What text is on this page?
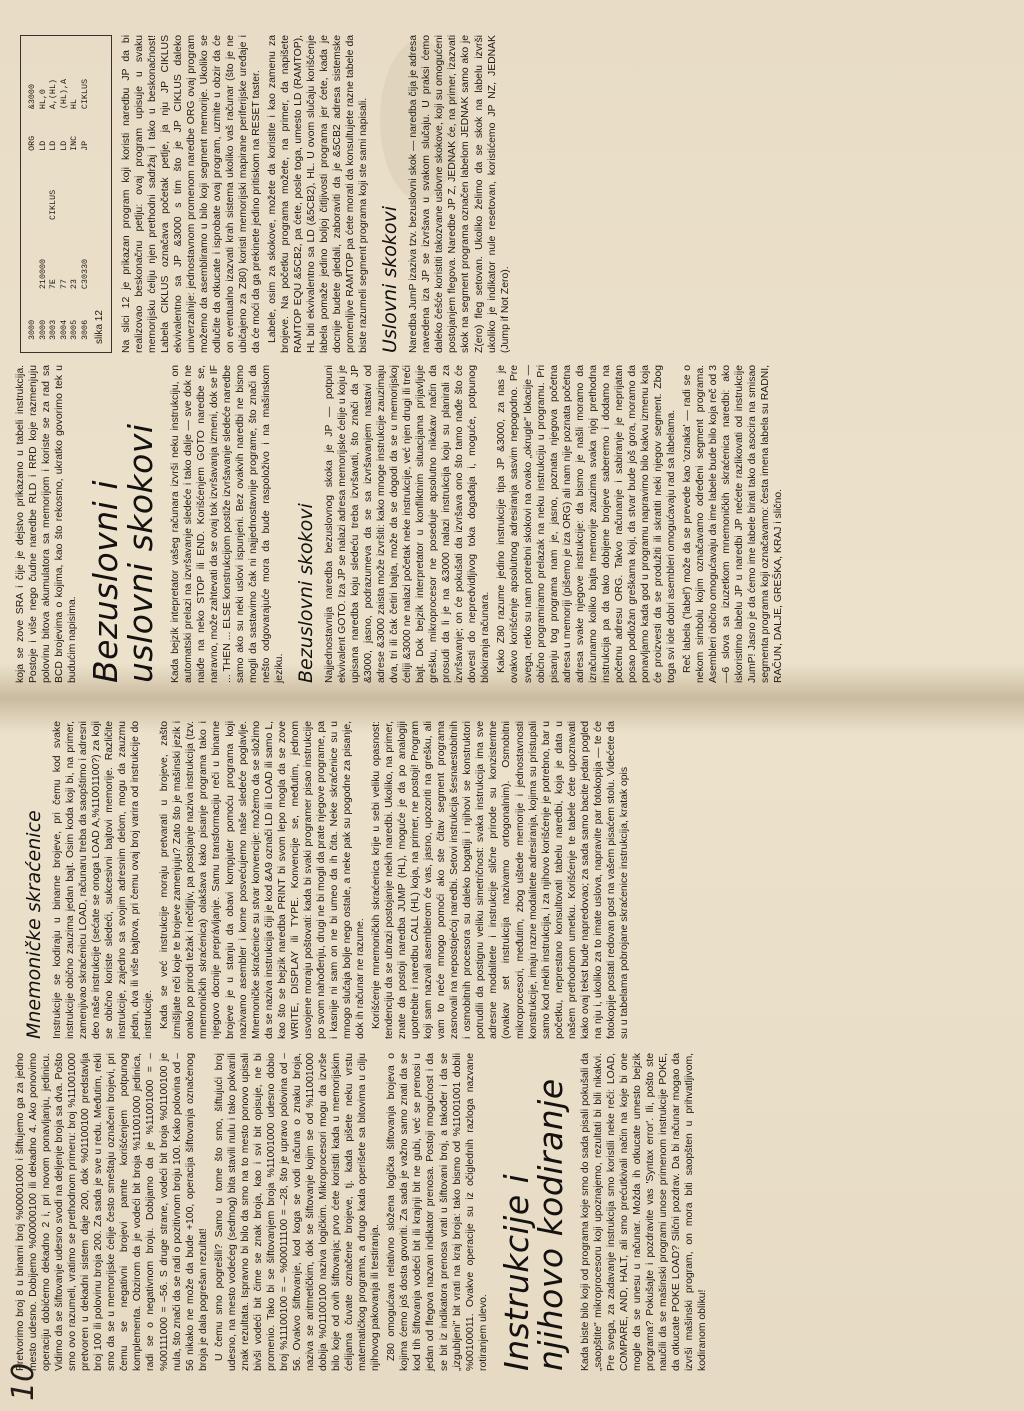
10

Pretvorimo broj 8 u binarni broj %00001000 i šiftujemo ga za jedno mesto udesno. Dobijemo %00000100 ili dekadno 4. Ako ponovimo operaciju dobićemo dekadno 2 i, pri novom ponavljanju, jedinicu. Vidimo da se šiftovanje udesno svodi na deljenje broja sa dva. Pošto smo ovo razumeli, vratimo se prethodnom primeru: broj %11001000 pretvoren u dekadni sistem daje 200, dok %01100100 predstavlja broj 100 ili polovinu broja 200. Za sada je sve u redu. Međutim, rekli smo da se u memorijske ćelije često smeštaju označeni brojevi, pri čemu se negativni brojevi pamte korišćenjem potpunog komplementa. Obzirom da je vodeći bit broja %11001000 jedinica, radi se o negativnom broju. Dobijamo da je %11001000 = – %00111000 = –56. S druge strane, vodeći bit broja %01100100 je nula, što znači da se radi o pozitivnom broju 100. Kako polovina od –56 nikako ne može da bude +100, operacija šiftovanja označenog broja je dala pogrešan rezultat! U čemu smo pogrešili? Samo u tome što smo, šiftujući broj udesno, na mesto vodećeg (sedmog) bita stavili nulu i tako pokvarili znak rezultata. Ispravno bi bilo da smo na to mesto ponovo upisali bivši vodeći bit čime se znak broja, kao i svi bit opisuje, ne bi promenio. Tako bi se šiftovanjem broja %11001000 udesno dobio broj %11100100 = – %00011100 = –28, što je upravo polovina od –56. Ovakvo šiftovanje, kod koga se vodi računa o znaku broja, naziva se aritmetičkim, dok se šiftovanje kojim se od %11001000 dobija %01100100 naziva logičkim. Mikroprocesori mogu da izvrše bilo koje od ovih šiftovanja; prvo ćete koristiti kada u memorijskim ćelijama čuvate označene brojeve, tj. kada pišete neku vrstu matematičkog programa, a drugo kada operišete sa bitovima u cilju njihovog pakovanja ili testiranja. Z80 omogućava relativno složena logička šiftovanja brojeva o kojima ćemo još dosta govoriti. Za sada je važno samo znati da se kod tih šiftovanja vodeći bit ili krajnji bit ne gubi, već se prenosi u jedan od flegova nazvan indikator prenosa. Postoji mogućnost i da se bit iz indikatora prenosa vrati u šiftovani broj, a također i da se „izgubljeni" bit vrati na kraj broja: tako bismo od %11001001 dobili %00100011. Ovakve operacije su iz očiglednih razloga nazvane rotiranjem ulevo. Instrukcije i njihovo kodiranje Kada biste bilo koji od programa koje smo do sada pisali pokušali da „saopštite" mikroprocesoru koji upoznajemo, rezultati bi bili nikakvi. Pre svega, za zadavanje instrukcija smo koristili neke reči: LOAD, COMPARE, AND, HALT, ali smo prećutkivali način na koje bi one mogle da se unesu u računar. Možda ih otkucate umesto bejzik programa? Pokušajte i pozdravite vas 'Syntax error'. Ili, pošto ste naučili da se mašinski programi unose primenom instrukcije POKE, da otkucate POKE LOAD? Slični pozdrav. Da bi računar mogao da izvrši mašinski program, on mora biti saopšten u prihvatljivom, kodiranom obliku!

Mnemoničke skraćenice Instrukcije se kodiraju u binarne brojeve, pri čemu kod svake instrukcije obično zauzima jedan bajt. Osim koda koji bi, na primer, zamenjivao skraćenicu LOAD, računaru treba da saopštimo i adresni deo naše instrukcije (sećate se onoga LOAD A,%11001100?) za koji se obično koriste sledeći, sukcesivni bajtovi memorije. Različite instrukcije, zajedno sa svojim adresnim delom, mogu da zauzmu jedan, dva ili više bajtova, pri čemu ovaj broj varira od instrukcije do instrukcije. Kada se već instrukcije moraju pretvarati u brojeve, zašto izmišljate reči koje te brojeve zamenjuju? Zato što je mašinski jezik i onako po prirodi težak i nečitljiv, pa postojanje naziva instrukcija (tzv. mnemoničkih skraćenica) olakšava kako pisanje programa tako i njegovo docnije preprávljanje. Samu transformaciju reči u binarne brojeve je u stanju da obavi kompjuter pomoću programa koji nazivamo asembler i kome posvećujemo naše sledeće poglavlje. Mnemoničke skraćenice su stvar konvencije: možemo da se složimo da se naziva instrukcija čiji je kod &A9 označi LD ili LOAD ili samo L, kao što se bejzik naredba PRINT bi svom lepo mogla da se zove WRITE, DISPLAY ili TYPE. Konvencije se, međutim, jednom usvojene moraju poštovati: kada bi svaki programer pisao instrukcije po svom nahođenju, drugi ne bi mogli da prate njegove programe, pa i kasnije ni sam on ne bi umeo da ih čita. Neke skraćenice su u mnogo slučaja bolje nego ostale, a neke pak su pogodne za pisanje, dok ih računar ne razume. Korišćenje mnemoničkih skraćenica krije u sebi veliku opasnost: tendenciju da se ubrazi postojanje nekih naredbi. Ukoliko, na primer, znate da postoji naredba JUMP (HL), moguće je da po analogiji upotrebite i naredbu CALL (HL) koja, na primer, ne postoji! Program koji sam nazvali asemblerom će vas, jasno, upozoriti na grešku, ali vam to neće mnogo pomoći ako ste čitav segment programa zasnovali na nepostojećoj naredbi. Setovi instrukcija šesnaestobitnih i osmobitnih procesora su daleko bogatiji i njihovi se konstruktori potrudili da postignu veliku simetričnost: svaka instrukcija ima sve adresne modalitete i instrukcije slične prirode su konzistentne (ovakav set instrukcija nazivamo ortogonalnim). Osmobitni mikroprocesori, međutim, zbog uštede memorije i jednostavnosti konstrukcije, imaju razne modalitete adresiranja, kojima su pristupali samo kod nekih instrukcija, i za njihovo korišćenje je potrebno, bar u početku, neprestano konsultovati tabelu naredbi, koja je data u našem prethodnom umetku. Korišćenje te tabele ćete upoznavati kako ovaj tekst bude napredovao; za sada samo bacite jedan pogled na nju i, ukoliko za to imate uslova, napravite par fotokopija — te će fotokopije postati redovan gost na vašem pisaćem stolu. Videćete da su u tabelama pobrojane skraćenice instrukcija, kratak opis

koja se zove SRA i čije je dejstvo prikazano u tabeli instrukcija. Postoje i više nego čudne naredbe RLD i RRD koje razmenjuju polovinu bitova akumulatora sa memorijom i koriste se za rad sa BCD brojevima o kojima, kao što rekosmo, ukratko govorimo tek u budućim napisima. Bezuslovni i uslovni skokovi Kada bejzik intepretator vašeg računara izvrši neku instrukciju, on automatski prelazi na izvršavanje sledeće i tako dalje — sve dok ne naiđe na neko STOP ili END. Korišćenjem GOTO naredbe se, naravno, može zahtevati da se ovaj tok izvršavanja izmeni, dok se IF ... THEN ... ELSE konstrukcijom postiže izvršavanje sledeće naredbe samo ako su neki uslovi ispunjeni. Bez ovakvih naredbi ne bismo mogli da sastavimo čak ni najjednostavnije programe, što znači da nešto odgovarajuće mora da bude raspoloživo i na mašinskom jeziku. Bezuslovni skokovi Najjednostavnija naredba bezuslovnog skoka je JP — potpuni ekvivalent GOTO. Iza JP se nalazi adresa memorijske ćelije u koju je upisana naredba koju sledeću treba izvršavati, što znači da JP &3000, jasno, podrazumeva da se sa izvršavanjem nastavi od adrese &3000 zaista može izvršiti: kako mnoge instrukcije zauzimaju dva, tri ili čak četiri bajta, može da se dogodi da se u memorijskoj ćeliji &3000 ne nalazi početak neke instrukcije, već njen drugi ili treći bajt. Dok bejzik interpretator u konfliktnim situacijama prijavljuje grešku, mikroprocesor ne poseduje apsolutno nikakav način da prosudi da li je na &3000 nalazi instrukcija koju su planirali za izvršavanje; on će pokušati da izvršava ono što tamo nađe što će dovesti do nepredvidljivog toka događaja i, moguće, potpunog blokiranja računara. Kako Z80 razume jedino instrukcije tipa JP &3000, za nas je ovakvo korišćenje apsolutnog adresiranja sasvim nepogodno. Pre svega, retko su nam potrebni skokovi na ovako „okrugle" lokacije — obično programiramo prelazak na neku instrukciju u programu. Pri pisanju tog programa nam je, jasno, poznata njegova početna adresa u memoriji (pišemo je iza ORG) ali nam nije poznata početna adresa svake njegove instrukcije: da bismo je našli moramo da izračunamo koliko bajta memorije zauzima svaka njoj prethodna instrukcija pa da tako dobijene brojeve saberemo i dodamo na početnu adresu ORG. Takvo računanje i sabiranje je neprijatan posao podložan greškama koji, da stvar bude još gora, moramo da ponavljamo kada god u programu napravimo bilo kakvu izmenu koja će proizvesti da se produžiti ili skratiti neki njegov segment. Zbog toga svi iole dobri asembleri omogućavaju rad sa labelama. Reč labela ('label') može da se prevede kao 'oznaka' — radi se o nekom simbolu kojim označavamo određeni segment programa. Asembleri obično omogućavaju da ime labele bude bilo koja reč od 3—6 slova sa izuzetkom mnemoničkih skraćenica naredbi: ako iskoristimo labelu JP u naredbi JP nećete razlikovati od instrukcije JumP! Jasno je da ćemo ime labele birati tako da asocira na smisao segmenta programa koji označavamo: česta imena labela su RADNI, RAČUN, DALJE, GREŠKA, KRAJ i slično.

3000			ORG	&3000
3000	210000		LD	HL,0
3003	7E	CIKLUS	LD	A,(HL)
3004	77		LD	(HL),A
3005	23		INC	HL
3006	C30330		JP	CIKLUS
slika 12 Na slici 12 je prikazan program koji koristi naredbu JP da bi realizovao beskonačnu petlju: ovaj program upisuje u svaku memorijsku ćeliju njen prethodni sadržaj i tako u beskonačnost! Labela CIKLUS označava početak petlje, ja nju JP CIKLUS ekvivalentno sa JP &3000 s tim što je JP CIKLUS daleko univerzalnije: jednostavnom promenom naredbe ORG ovaj program možemo da asembliramo u bilo koji segment memorije. Ukoliko se odlučite da otkucate i isprobate ovaj program, uzmite u obzir da će on eventualno izazvati krah sistema ukoliko vaš računar (što je ne ubičajeno za Z80) koristi memorijski mapirane periferijske uređaje i da će moći da ga prekinete jedino pritiskom na RESET taster. Labele, osim za skokove, možete da koristite i kao zamenu za brojeve. Na početku programa možete, na primer, da napišete RAMTOP EQU &5CB2, pa ćete, posle toga, umesto LD (RAMTOP), HL biti ekvivalentno sa LD (&5CB2), HL. U ovom slučaju korišćenje labela pomaže jedino boljoj čitljivosti programa jer ćete, kada je docnije budete gledali, zaboraviti da je &5CB2 adresa sistemske promenljive RAMTOP pa ćete morati da konsultujete razne tabele da biste razumeli segment programa koji ste sami napisali. Uslovni skokovi Naredba JumP izaziva tzv. bezuslovni skok — naredba čija je adresa navedena iza JP se izvršava u svakom slučaju. U praksi ćemo daleko češće koristiti takozvane uslovne skokove, koji su omogućeni postojanjem flegova. Naredbe JP Z, JEDNAK će, na primer, izazvati skok na segment programa označen labelom JEDNAK samo ako je Z(ero) fleg setovan. Ukoliko želimo da se skok na labelu izvrši ukoliko je indikator nule resetovan, koristićemo JP NZ, JEDNAK (Jump if Not Zero).
